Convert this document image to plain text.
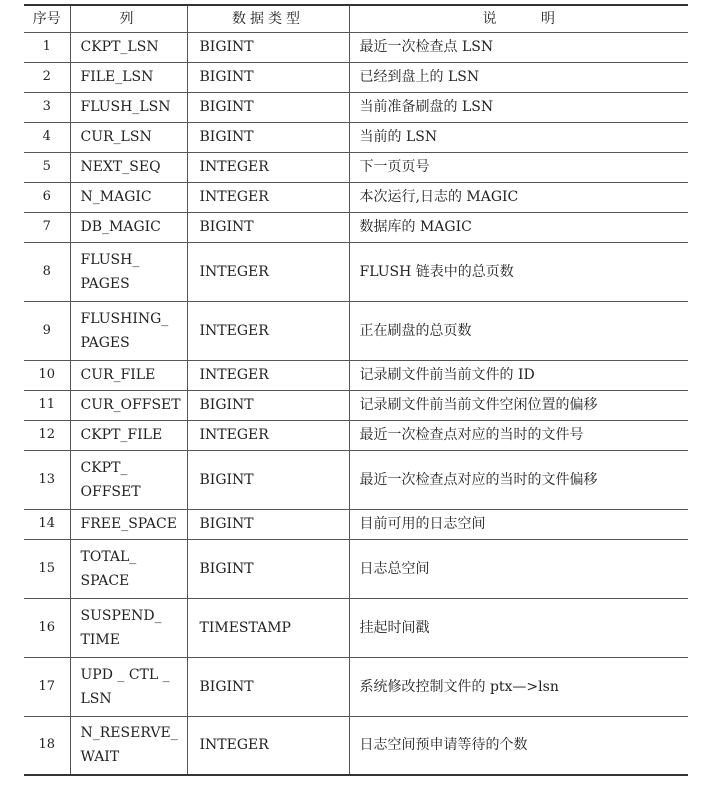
序号	列	数据类型	说 明
1	CKPT_LSN	BIGINT	最近一次检查点 LSN
2	FILE_LSN	BIGINT	已经到盘上的 LSN
3	FLUSH_LSN	BIGINT	当前准备刷盘的 LSN
4	CUR_LSN	BIGINT	当前的 LSN
5	NEXT_SEQ	INTEGER	下一页页号
6	N_MAGIC	INTEGER	本次运行,日志的 MAGIC
7	DB_MAGIC	BIGINT	数据库的 MAGIC
8	FLUSH_ PAGES	INTEGER	FLUSH 链表中的总页数
9	FLUSHING_ PAGES	INTEGER	正在刷盘的总页数
10	CUR_FILE	INTEGER	记录刷文件前当前文件的 ID
11	CUR_OFFSET	BIGINT	记录刷文件前当前文件空闲位置的偏移
12	CKPT_FILE	INTEGER	最近一次检查点对应的当时的文件号
13	CKPT_ OFFSET	BIGINT	最近一次检查点对应的当时的文件偏移
14	FREE_SPACE	BIGINT	目前可用的日志空间
15	TOTAL_ SPACE	BIGINT	日志总空间
16	SUSPEND_ TIME	TIMESTAMP	挂起时间戳
17	UPD _ CTL _ LSN	BIGINT	系统修改控制文件的 ptx—>lsn
18	N_RESERVE_ WAIT	INTEGER	日志空间预申请等待的个数
